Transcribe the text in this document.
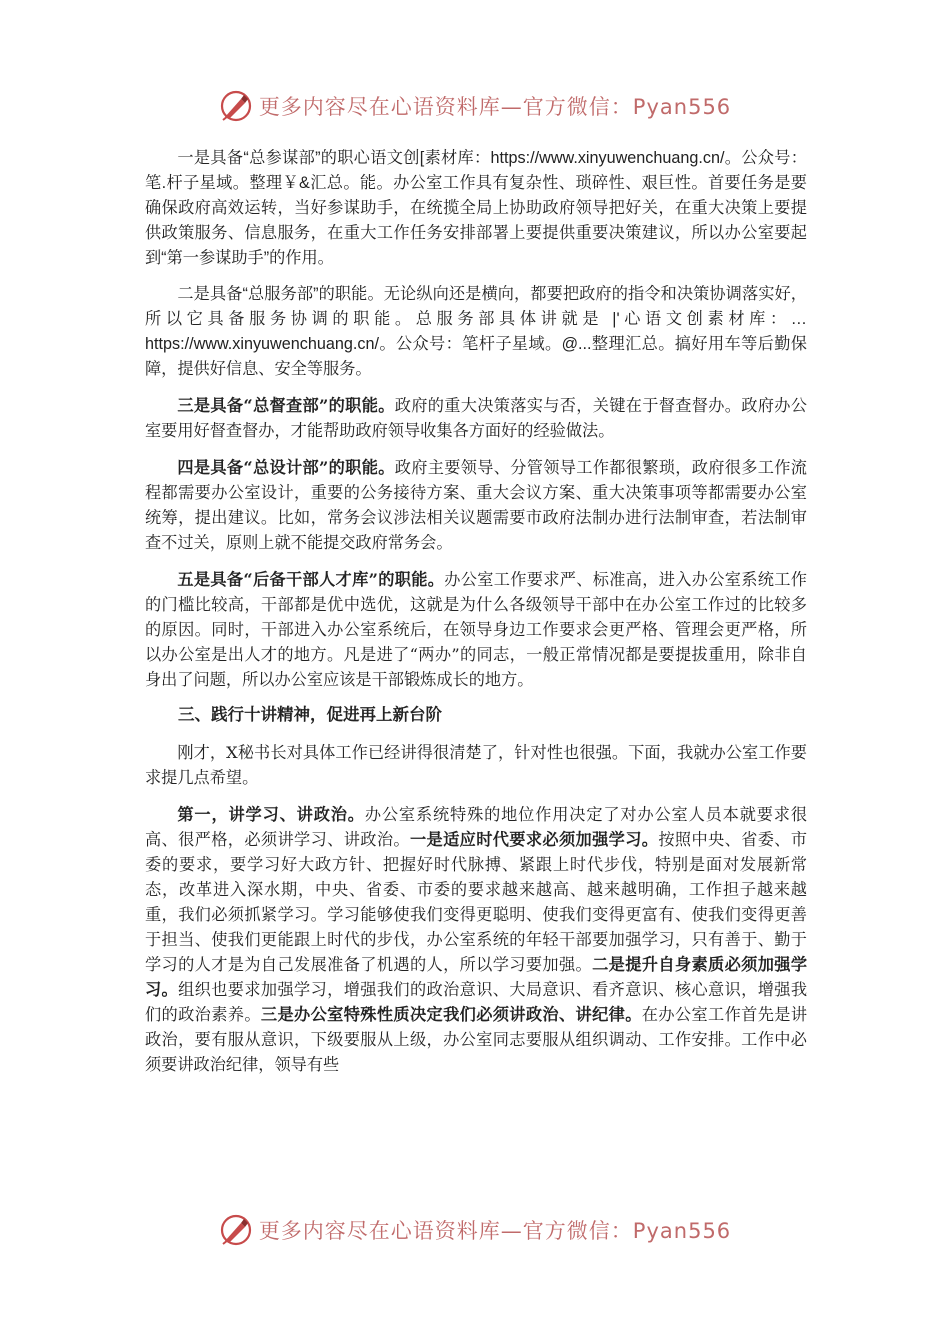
更多内容尽在心语资料库—官方微信：Pyan556

一是具备“总参谋部”的职心语文创[素材库：https://www.xinyuwenchuang.cn/。公众号：笔.杆子星域。整理￥&汇总。能。办公室工作具有复杂性、琐碎性、艰巨性。首要任务是要确保政府高效运转，当好参谋助手，在统揽全局上协助政府领导把好关，在重大决策上要提供政策服务、信息服务，在重大工作任务安排部署上要提供重要决策建议，所以办公室要起到“第一参谋助手”的作用。

二是具备“总服务部”的职能。无论纵向还是横向，都要把政府的指令和决策协调落实好，所以它具备服务协调的职能。总服务部具体讲就是 |'心语文创素材库：…https://www.xinyuwenchuang.cn/。公众号：笔杆子星域。@...整理汇总。搞好用车等后勤保障，提供好信息、安全等服务。

三是具备“总督查部”的职能。政府的重大决策落实与否，关键在于督查督办。政府办公室要用好督查督办，才能帮助政府领导收集各方面好的经验做法。

四是具备“总设计部”的职能。政府主要领导、分管领导工作都很繁琐，政府很多工作流程都需要办公室设计，重要的公务接待方案、重大会议方案、重大决策事项等都需要办公室统筹，提出建议。比如，常务会议涉法相关议题需要市政府法制办进行法制审查，若法制审查不过关，原则上就不能提交政府常务会。

五是具备“后备干部人才库”的职能。办公室工作要求严、标准高，进入办公室系统工作的门槛比较高，干部都是优中选优，这就是为什么各级领导干部中在办公室工作过的比较多的原因。同时，干部进入办公室系统后，在领导身边工作要求会更严格、管理会更严格，所以办公室是出人才的地方。凡是进了“两办”的同志，一般正常情况都是要提拔重用，除非自身出了问题，所以办公室应该是干部锻炼成长的地方。

三、践行十讲精神，促进再上新台阶

刚才，X秘书长对具体工作已经讲得很清楚了，针对性也很强。下面，我就办公室工作要求提几点希望。

第一，讲学习、讲政治。办公室系统特殊的地位作用决定了对办公室人员本就要求很高、很严格，必须讲学习、讲政治。一是适应时代要求必须加强学习。按照中央、省委、市委的要求，要学习好大政方针、把握好时代脉搏、紧跟上时代步伐，特别是面对发展新常态，改革进入深水期，中央、省委、市委的要求越来越高、越来越明确，工作担子越来越重，我们必须抓紧学习。学习能够使我们变得更聪明、使我们变得更富有、使我们变得更善于担当、使我们更能跟上时代的步伐，办公室系统的年轻干部要加强学习，只有善于、勤于学习的人才是为自己发展准备了机遇的人，所以学习要加强。二是提升自身素质必须加强学习。组织也要求加强学习，增强我们的政治意识、大局意识、看齐意识、核心意识，增强我们的政治素养。三是办公室特殊性质决定我们必须讲政治、讲纪律。在办公室工作首先是讲政治，要有服从意识，下级要服从上级，办公室同志要服从组织调动、工作安排。工作中必须要讲政治纪律，领导有些

更多内容尽在心语资料库—官方微信：Pyan556
